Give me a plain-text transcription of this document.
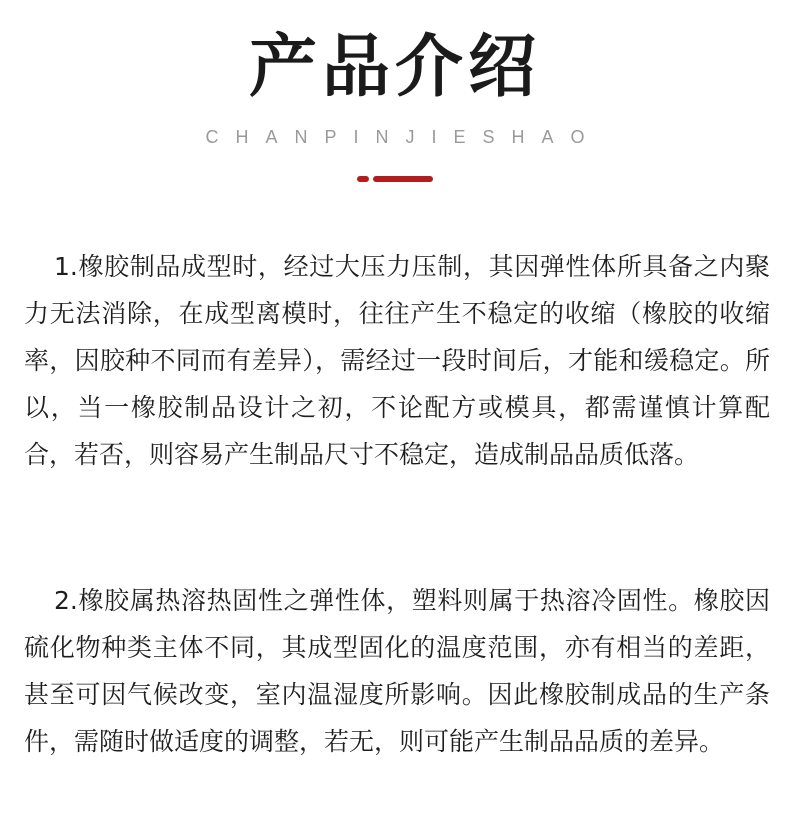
产品介绍
CHANPINJIESHAO
1.橡胶制品成型时，经过大压力压制，其因弹性体所具备之内聚力无法消除，在成型离模时，往往产生不稳定的收缩（橡胶的收缩率，因胶种不同而有差异），需经过一段时间后，才能和缓稳定。所以，当一橡胶制品设计之初，不论配方或模具，都需谨慎计算配合，若否，则容易产生制品尺寸不稳定，造成制品品质低落。
2.橡胶属热溶热固性之弹性体，塑料则属于热溶冷固性。橡胶因硫化物种类主体不同，其成型固化的温度范围，亦有相当的差距，甚至可因气候改变，室内温湿度所影响。因此橡胶制成品的生产条件，需随时做适度的调整，若无，则可能产生制品品质的差异。
